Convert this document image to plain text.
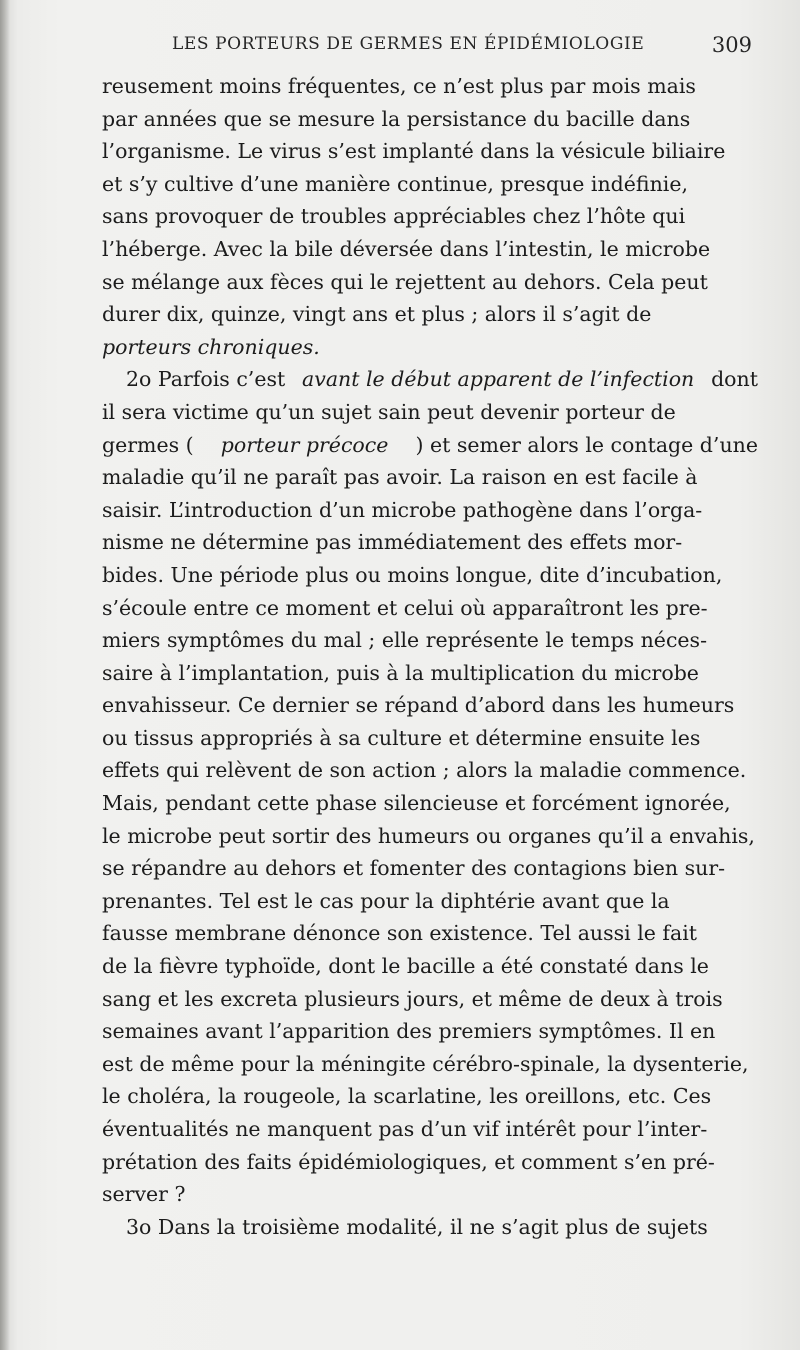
LES PORTEURS DE GERMES EN ÉPIDÉMIOLOGIE	309
reusement moins fréquentes, ce n’est plus par mois mais
par années que se mesure la persistance du bacille dans
l’organisme. Le virus s’est implanté dans la vésicule biliaire
et s’y cultive d’une manière continue, presque indéfinie,
sans provoquer de troubles appréciables chez l’hôte qui
l’héberge. Avec la bile déversée dans l’intestin, le microbe
se mélange aux fèces qui le rejettent au dehors. Cela peut
durer dix, quinze, vingt ans et plus ; alors il s’agit de
porteurs chroniques.
2o Parfois c’est avant le début apparent de l’infection dont
il sera victime qu’un sujet sain peut devenir porteur de
germes ( porteur précoce ) et semer alors le contage d’une
maladie qu’il ne paraît pas avoir. La raison en est facile à
saisir. L’introduction d’un microbe pathogène dans l’orga-
nisme ne détermine pas immédiatement des effets mor-
bides. Une période plus ou moins longue, dite d’incubation,
s’écoule entre ce moment et celui où apparaîtront les pre-
miers symptômes du mal ; elle représente le temps néces-
saire à l’implantation, puis à la multiplication du microbe
envahisseur. Ce dernier se répand d’abord dans les humeurs
ou tissus appropriés à sa culture et détermine ensuite les
effets qui relèvent de son action ; alors la maladie commence.
Mais, pendant cette phase silencieuse et forcément ignorée,
le microbe peut sortir des humeurs ou organes qu’il a envahis,
se répandre au dehors et fomenter des contagions bien sur-
prenantes. Tel est le cas pour la diphtérie avant que la
fausse membrane dénonce son existence. Tel aussi le fait
de la fièvre typhoïde, dont le bacille a été constaté dans le
sang et les excreta plusieurs jours, et même de deux à trois
semaines avant l’apparition des premiers symptômes. Il en
est de même pour la méningite cérébro-spinale, la dysenterie,
le choléra, la rougeole, la scarlatine, les oreillons, etc. Ces
éventualités ne manquent pas d’un vif intérêt pour l’inter-
prétation des faits épidémiologiques, et comment s’en pré-
server ?
3o Dans la troisième modalité, il ne s’agit plus de sujets
